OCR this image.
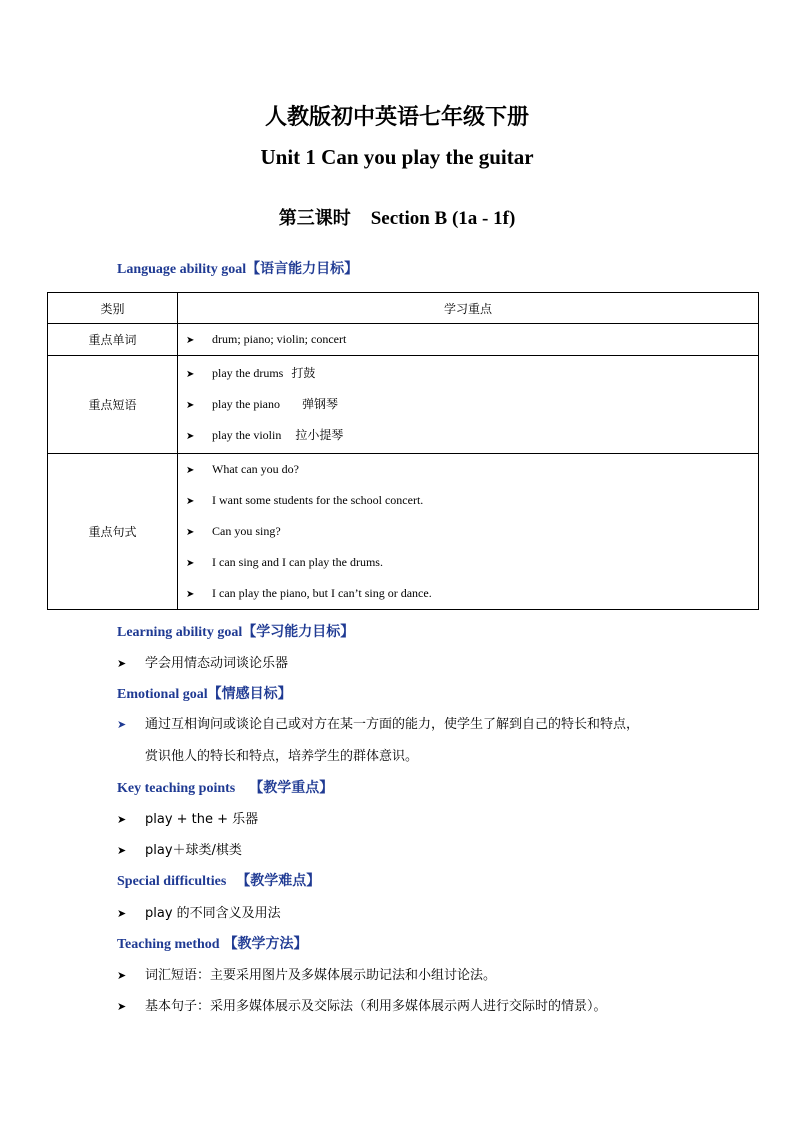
人教版初中英语七年级下册
Unit 1 Can you play the guitar
第三课时 Section B (1a - 1f)
Language ability goal【语言能力目标】
类别	学习重点
重点单词	➤ drum; piano; violin; concert

重点短语	➤ play the drums 打鼓
➤ play the piano 弹钢琴
➤ play the violin 拉小提琴

重点句式	➤ What can you do?
➤ I want some students for the school concert.
➤ Can you sing?
➤ I can sing and I can play the drums.
➤ I can play the piano, but I can’t sing or dance.
Learning ability goal【学习能力目标】
➤ 学会用情态动词谈论乐器
Emotional goal【情感目标】
➤ 通过互相询问或谈论自己或对方在某一方面的能力，使学生了解到自己的特长和特点，
赏识他人的特长和特点，培养学生的群体意识。
Key teaching points 【教学重点】
➤ play + the + 乐器
➤ play＋球类/棋类
Special difficulties 【教学难点】
➤ play 的不同含义及用法
Teaching method 【教学方法】
➤ 词汇短语：主要采用图片及多媒体展示助记法和小组讨论法。
➤ 基本句子：采用多媒体展示及交际法（利用多媒体展示两人进行交际时的情景）。
